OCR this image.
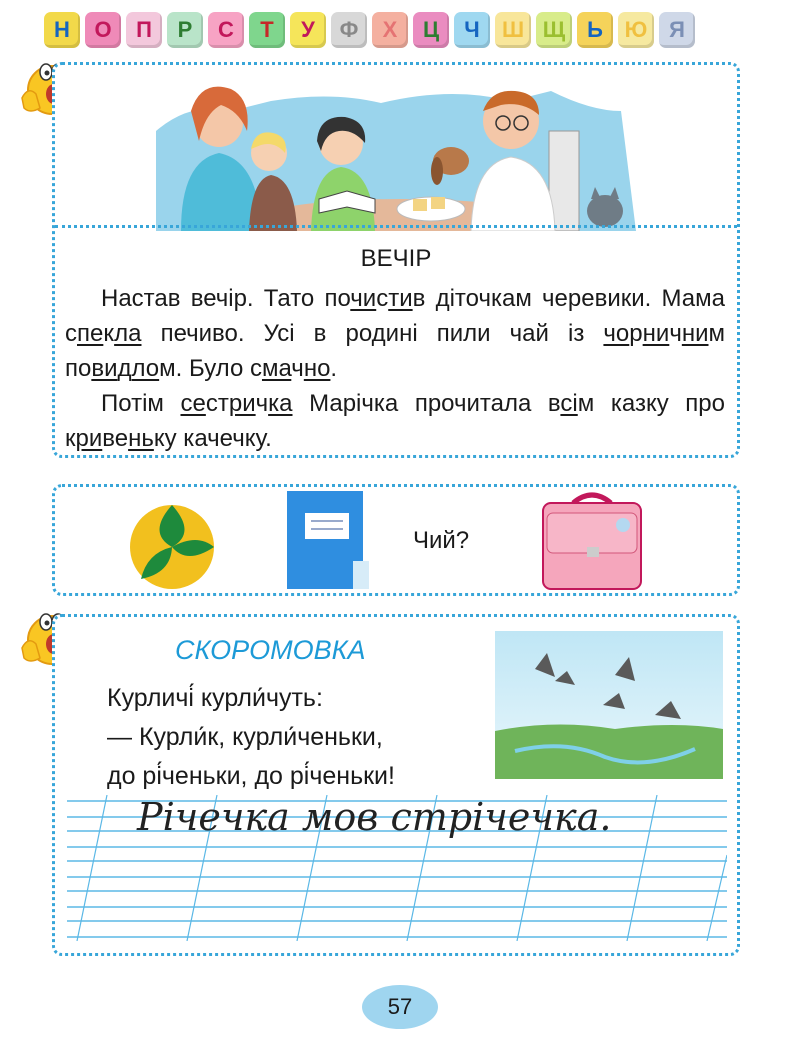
Н	О	П	Р	С	Т	У	Ф	Х	Ц	Ч	Ш Щ Ь Ю Я
ВЕЧІР

Настав вечір. Тато почистив діточкам черевики. Мама спекла печиво. Усі в родині пили чай із чорничним повидлом. Було смачно.

Потім сестричка Марічка прочитала всім казку про кривеньку качечку.

Чий?
СКОРОМОВКА
Курличі́ курли́чуть:
— Курли́к, курли́ченьки,
до рі́ченьки, до рі́ченьки!
Річечка мов стрічечка.
57
